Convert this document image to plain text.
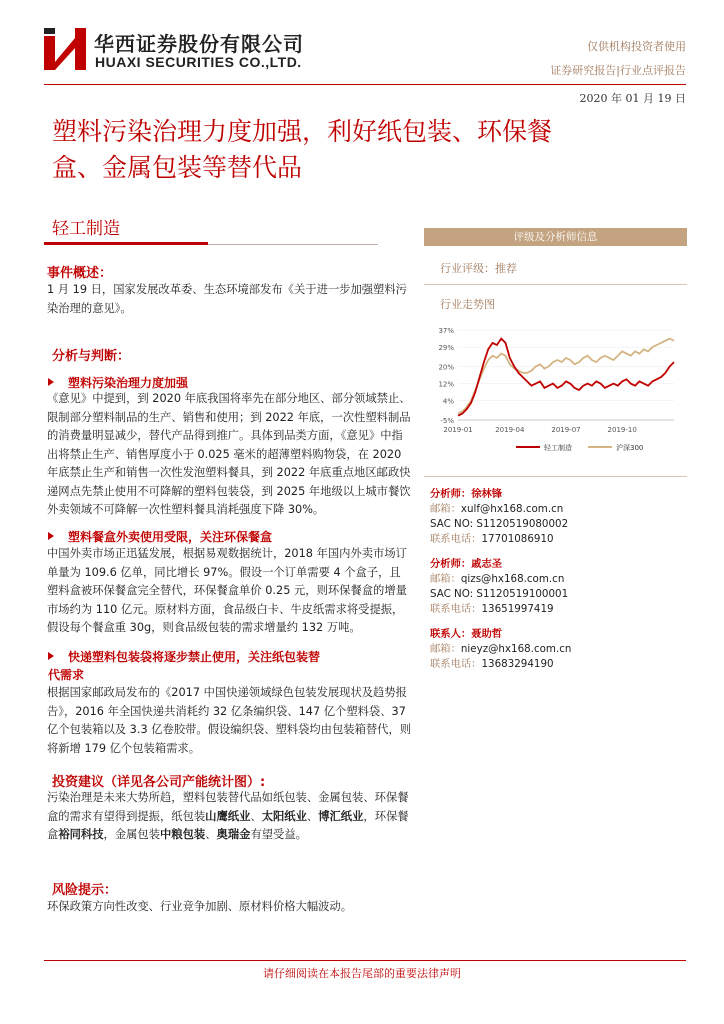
华西证券股份有限公司
HUAXI SECURITIES CO.,LTD.
仅供机构投资者使用
证券研究报告|行业点评报告
2020 年 01 月 19 日
塑料污染治理力度加强，利好纸包装、环保餐
盒、金属包装等替代品
轻工制造
事件概述：
1 月 19 日，国家发展改革委、生态环境部发布《关于进一步加强塑料污染治理的意见》。
分析与判断：
塑料污染治理力度加强
《意见》中提到，到 2020 年底我国将率先在部分地区、部分领域禁止、限制部分塑料制品的生产、销售和使用；到 2022 年底，一次性塑料制品的消费量明显减少，替代产品得到推广。具体到品类方面，《意见》中指出将禁止生产、销售厚度小于 0.025 毫米的超薄塑料购物袋，在 2020 年底禁止生产和销售一次性发泡塑料餐具，到 2022 年底重点地区邮政快递网点先禁止使用不可降解的塑料包装袋，到 2025 年地级以上城市餐饮外卖领域不可降解一次性塑料餐具消耗强度下降 30%。
塑料餐盒外卖使用受限，关注环保餐盒
中国外卖市场正迅猛发展，根据易观数据统计，2018 年国内外卖市场订单量为 109.6 亿单，同比增长 97%。假设一个订单需要 4 个盒子，且塑料盒被环保餐盒完全替代，环保餐盒单价 0.25 元，则环保餐盒的增量市场约为 110 亿元。原材料方面，食品级白卡、牛皮纸需求将受提振，假设每个餐盒重 30g，则食品级包装的需求增量约 132 万吨。
快递塑料包装袋将逐步禁止使用，关注纸包装替
代需求
根据国家邮政局发布的《2017 中国快递领域绿色包装发展现状及趋势报告》，2016 年全国快递共消耗约 32 亿条编织袋、147 亿个塑料袋、37 亿个包装箱以及 3.3 亿卷胶带。假设编织袋、塑料袋均由包装箱替代，则将新增 179 亿个包装箱需求。
投资建议（详见各公司产能统计图）:
污染治理是未来大势所趋，塑料包装替代品如纸包装、金属包装、环保餐盒的需求有望得到提振，纸包装山鹰纸业、太阳纸业、博汇纸业，环保餐盒裕同科技，金属包装中粮包装、奥瑞金有望受益。
风险提示：
环保政策方向性改变、行业竞争加剧、原材料价格大幅波动。
评级及分析师信息
行业评级：推荐
行业走势图
37%
29%
20%
12%
4%
-5%
2019-01	2019-04	2019-07	2019-10
轻工制造	沪深300
分析师：徐林锋
邮箱：xulf@hx168.com.cn
SAC NO: S1120519080002
联系电话：17701086910
分析师：戚志圣
邮箱：qizs@hx168.com.cn
SAC NO: S1120519100001
联系电话：13651997419
联系人：聂助哲
邮箱：nieyz@hx168.com.cn
联系电话：13683294190
请仔细阅读在本报告尾部的重要法律声明
